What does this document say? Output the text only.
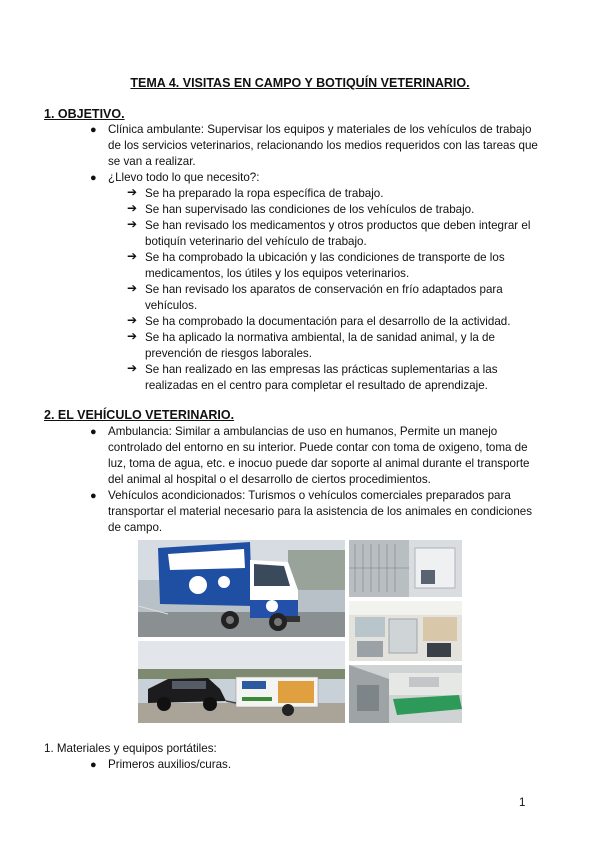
TEMA 4. VISITAS EN CAMPO Y BOTIQUÍN VETERINARIO.
1. OBJETIVO.
● Clínica ambulante: Supervisar los equipos y materiales de los vehículos de trabajo
de los servicios veterinarios, relacionando los medios requeridos con las tareas que
se van a realizar.
● ¿Llevo todo lo que necesito?:
➔ Se ha preparado la ropa específica de trabajo.
➔ Se han supervisado las condiciones de los vehículos de trabajo.
➔ Se han revisado los medicamentos y otros productos que deben integrar el
botiquín veterinario del vehículo de trabajo.
➔ Se ha comprobado la ubicación y las condiciones de transporte de los
medicamentos, los útiles y los equipos veterinarios.
➔ Se han revisado los aparatos de conservación en frío adaptados para
vehículos.
➔ Se ha comprobado la documentación para el desarrollo de la actividad.
➔ Se ha aplicado la normativa ambiental, la de sanidad animal, y la de
prevención de riesgos laborales.
➔ Se han realizado en las empresas las prácticas suplementarias a las
realizadas en el centro para completar el resultado de aprendizaje.
2. EL VEHÍCULO VETERINARIO.
● Ambulancia: Similar a ambulancias de uso en humanos, Permite un manejo
controlado del entorno en su interior. Puede contar con toma de oxigeno, toma de
luz, toma de agua, etc. e inocuo puede dar soporte al animal durante el transporte
del animal al hospital o el desarrollo de ciertos procedimientos.
● Vehículos acondicionados: Turismos o vehículos comerciales preparados para
transportar el material necesario para la asistencia de los animales en condiciones
de campo.
1. Materiales y equipos portátiles:
● Primeros auxilios/curas.
1
